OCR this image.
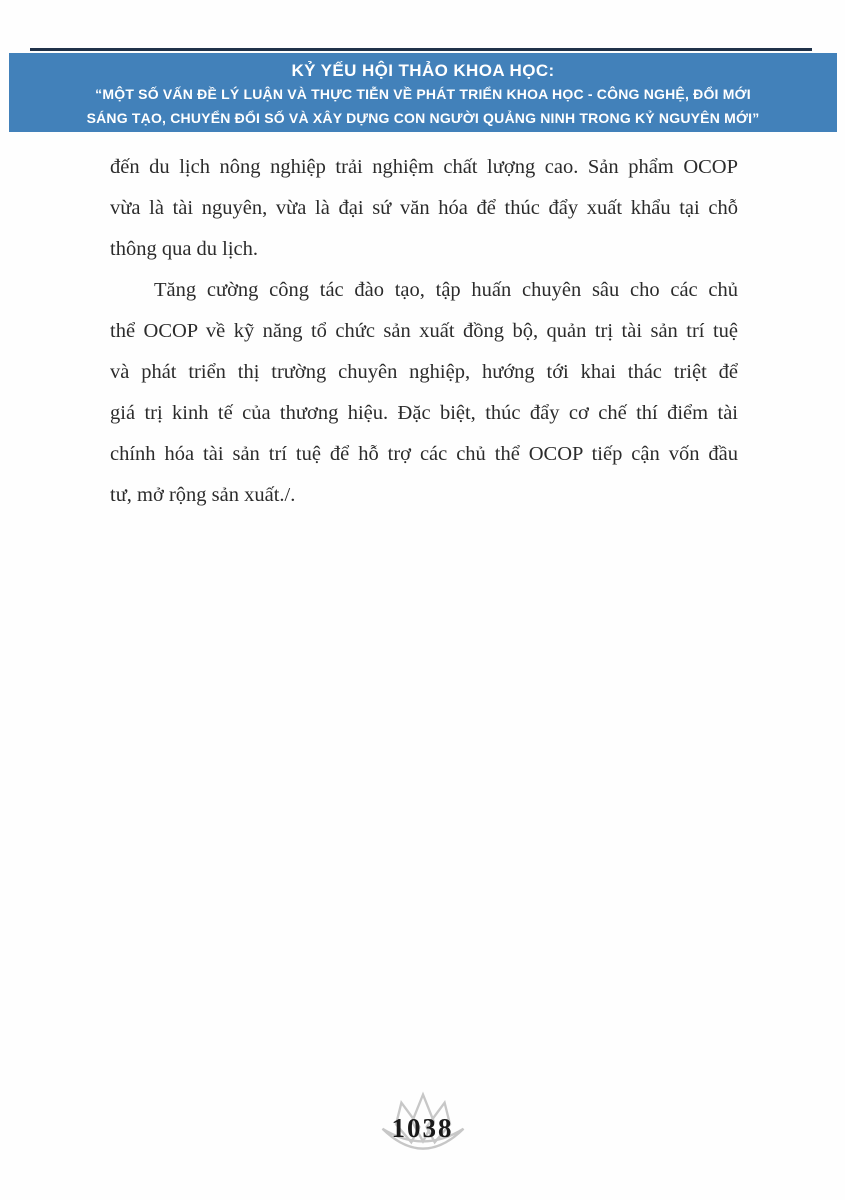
KỶ YẾU HỘI THẢO KHOA HỌC:
“MỘT SỐ VẤN ĐỀ LÝ LUẬN VÀ THỰC TIỄN VỀ PHÁT TRIỂN KHOA HỌC - CÔNG NGHỆ, ĐỔI MỚI
SÁNG TẠO, CHUYỂN ĐỔI SỐ VÀ XÂY DỰNG CON NGƯỜI QUẢNG NINH TRONG KỶ NGUYÊN MỚI”
đến du lịch nông nghiệp trải nghiệm chất lượng cao. Sản phẩm OCOP
vừa là tài nguyên, vừa là đại sứ văn hóa để thúc đẩy xuất khẩu tại chỗ
thông qua du lịch.
Tăng cường công tác đào tạo, tập huấn chuyên sâu cho các chủ
thể OCOP về kỹ năng tổ chức sản xuất đồng bộ, quản trị tài sản trí tuệ
và phát triển thị trường chuyên nghiệp, hướng tới khai thác triệt để
giá trị kinh tế của thương hiệu. Đặc biệt, thúc đẩy cơ chế thí điểm tài
chính hóa tài sản trí tuệ để hỗ trợ các chủ thể OCOP tiếp cận vốn đầu
tư, mở rộng sản xuất./.
1038
